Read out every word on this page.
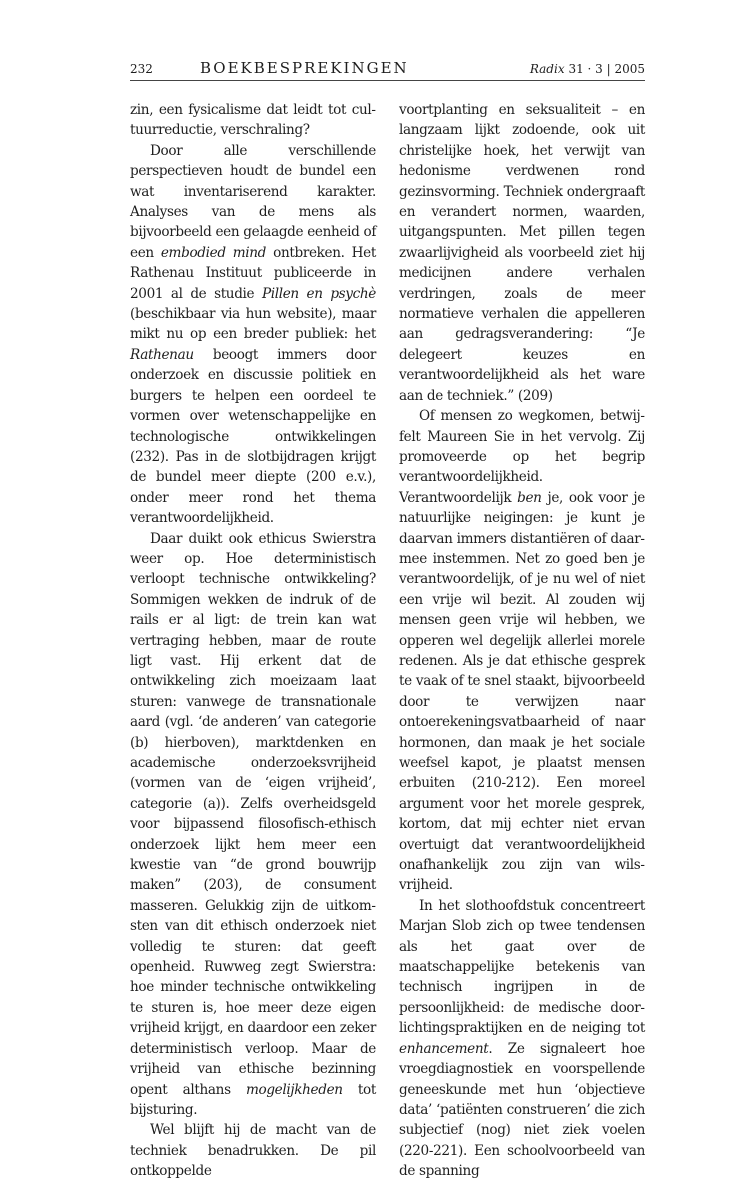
232	BOEKBESPREKINGEN	Radix 31 · 3 | 2005

zin, een fysicalisme dat leidt tot cultuurreductie, verschraling?

Door alle verschillende perspectieven houdt de bundel een wat inventariserend karakter. Analyses van de mens als bijvoorbeeld een gelaagde eenheid of een embodied mind ontbreken. Het Rathenau Instituut publiceerde in 2001 al de studie Pillen en psychè (beschikbaar via hun website), maar mikt nu op een breder publiek: het Rathenau beoogt immers door onderzoek en discussie politiek en burgers te helpen een oordeel te vormen over wetenschappelijke en technologische ontwikkelingen (232). Pas in de slotbijdragen krijgt de bundel meer diepte (200 e.v.), onder meer rond het thema verantwoordelijkheid.

Daar duikt ook ethicus Swierstra weer op. Hoe deterministisch verloopt technische ontwikkeling? Sommigen wekken de indruk of de rails er al ligt: de trein kan wat vertraging hebben, maar de route ligt vast. Hij erkent dat de ontwikkeling zich moeizaam laat sturen: vanwege de transnationale aard (vgl. ‘de anderen’ van categorie (b) hierboven), marktdenken en academische onderzoeksvrijheid (vormen van de ‘eigen vrijheid’, categorie (a)). Zelfs overheidsgeld voor bijpassend filosofisch-ethisch onderzoek lijkt hem meer een kwestie van “de grond bouwrijp maken” (203), de consument masseren. Gelukkig zijn de uitkomsten van dit ethisch onderzoek niet volledig te sturen: dat geeft openheid. Ruwweg zegt Swierstra: hoe minder technische ontwikkeling te sturen is, hoe meer deze eigen vrijheid krijgt, en daardoor een zeker deterministisch verloop. Maar de vrijheid van ethische bezinning opent althans mogelijkheden tot bijsturing.

Wel blijft hij de macht van de techniek benadrukken. De pil ontkoppelde

voortplanting en seksualiteit – en langzaam lijkt zodoende, ook uit christelijke hoek, het verwijt van hedonisme verdwenen rond gezinsvorming. Techniek ondergraaft en verandert normen, waarden, uitgangspunten. Met pillen tegen zwaarlijvigheid als voorbeeld ziet hij medicijnen andere verhalen verdringen, zoals de meer normatieve verhalen die appelleren aan gedragsverandering: “Je delegeert keuzes en verantwoordelijkheid als het ware aan de techniek.” (209)

Of mensen zo wegkomen, betwijfelt Maureen Sie in het vervolg. Zij promoveerde op het begrip verantwoordelijkheid. Verantwoordelijk ben je, ook voor je natuurlijke neigingen: je kunt je daarvan immers distantiëren of daarmee instemmen. Net zo goed ben je verantwoordelijk, of je nu wel of niet een vrije wil bezit. Al zouden wij mensen geen vrije wil hebben, we opperen wel degelijk allerlei morele redenen. Als je dat ethische gesprek te vaak of te snel staakt, bijvoorbeeld door te verwijzen naar ontoerekeningsvatbaarheid of naar hormonen, dan maak je het sociale weefsel kapot, je plaatst mensen erbuiten (210-212). Een moreel argument voor het morele gesprek, kortom, dat mij echter niet ervan overtuigt dat verantwoordelijkheid onafhankelijk zou zijn van wilsvrijheid.

In het slothoofdstuk concentreert Marjan Slob zich op twee tendensen als het gaat over de maatschappelijke betekenis van technisch ingrijpen in de persoonlijkheid: de medische doorlichtingspraktijken en de neiging tot enhancement. Ze signaleert hoe vroegdiagnostiek en voorspellende geneeskunde met hun ‘objectieve data’ ‘patiënten construeren’ die zich subjectief (nog) niet ziek voelen (220-221). Een schoolvoorbeeld van de spanning
